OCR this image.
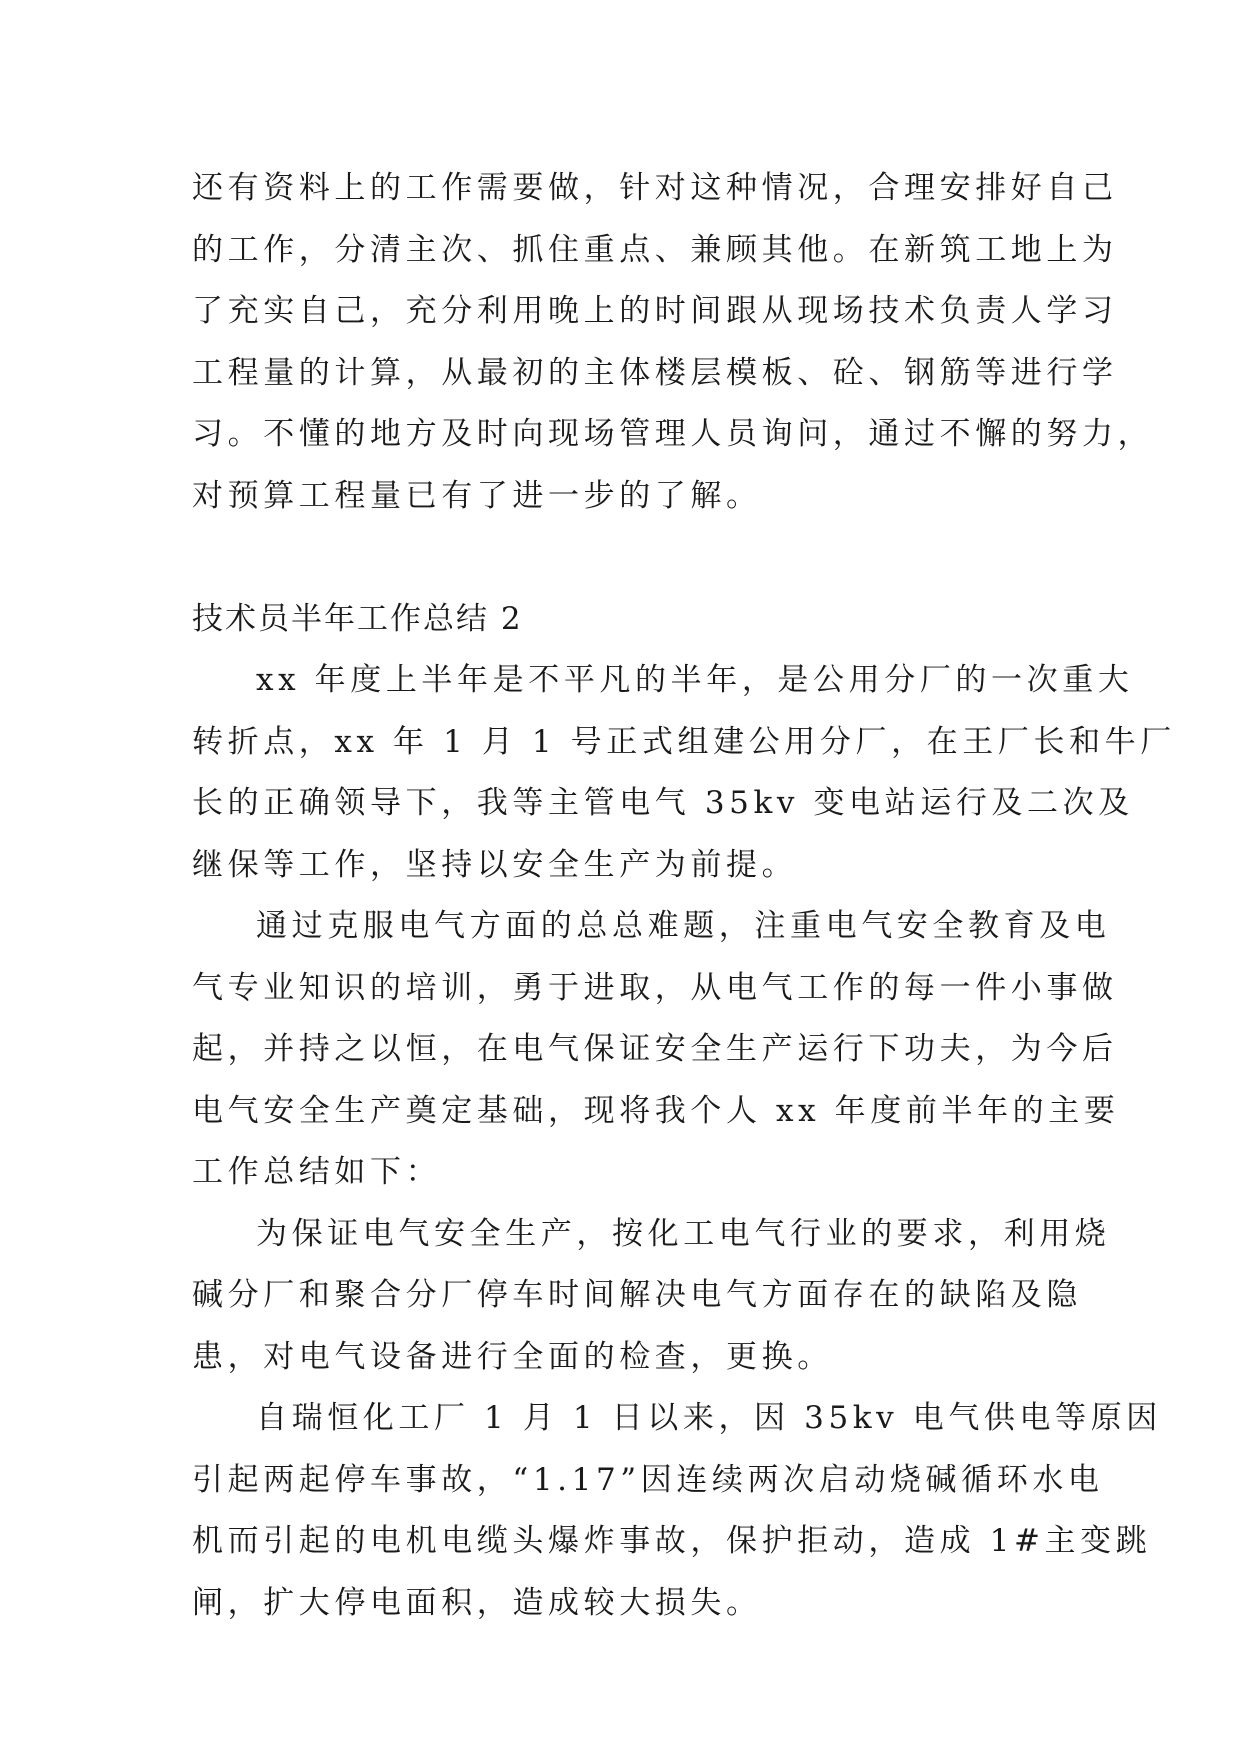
还有资料上的工作需要做，针对这种情况，合理安排好自己
的工作，分清主次、抓住重点、兼顾其他。在新筑工地上为
了充实自己，充分利用晚上的时间跟从现场技术负责人学习
工程量的计算，从最初的主体楼层模板、砼、钢筋等进行学
习。不懂的地方及时向现场管理人员询问，通过不懈的努力，
对预算工程量已有了进一步的了解。
技术员半年工作总结 2
xx 年度上半年是不平凡的半年，是公用分厂的一次重大
转折点，xx 年 1 月 1 号正式组建公用分厂，在王厂长和牛厂
长的正确领导下，我等主管电气 35kv 变电站运行及二次及
继保等工作，坚持以安全生产为前提。
通过克服电气方面的总总难题，注重电气安全教育及电
气专业知识的培训，勇于进取，从电气工作的每一件小事做
起，并持之以恒，在电气保证安全生产运行下功夫，为今后
电气安全生产奠定基础，现将我个人 xx 年度前半年的主要
工作总结如下：
为保证电气安全生产，按化工电气行业的要求，利用烧
碱分厂和聚合分厂停车时间解决电气方面存在的缺陷及隐
患，对电气设备进行全面的检查，更换。
自瑞恒化工厂 1 月 1 日以来，因 35kv 电气供电等原因
引起两起停车事故，“1.17”因连续两次启动烧碱循环水电
机而引起的电机电缆头爆炸事故，保护拒动，造成 1#主变跳
闸，扩大停电面积，造成较大损失。
